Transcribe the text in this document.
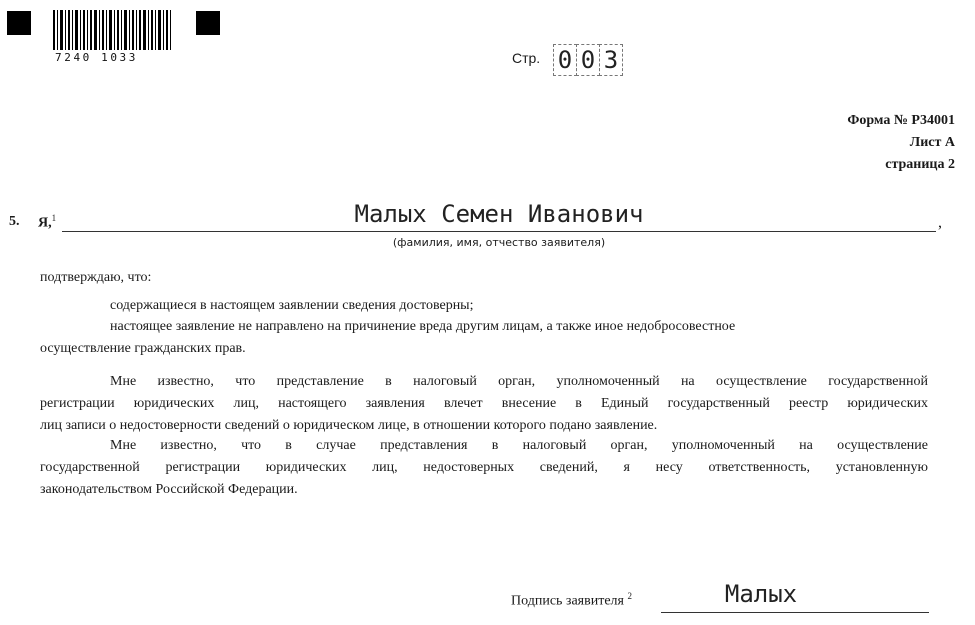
7240 1033	Стр. 0 0 3
Форма № Р34001
Лист А
страница 2
5. Я,$^1$	Малых Семен Иванович	,
(фамилия, имя, отчество заявителя)
подтверждаю, что:
содержащиеся в настоящем заявлении сведения достоверны;
настоящее заявление не направлено на причинение вреда другим лицам, а также иное недобросовестное
осуществление гражданских прав.
Мне известно, что представление в налоговый орган, уполномоченный на осуществление государственной
регистрации юридических лиц, настоящего заявления влечет внесение в Единый государственный реестр юридических
лиц записи о недостоверности сведений о юридическом лице, в отношении которого подано заявление.
Мне известно, что в случае представления в налоговый орган, уполномоченный на осуществление
государственной регистрации юридических лиц, недостоверных сведений, я несу ответственность, установленную
законодательством Российской Федерации.
Подпись заявителя $^2$	Малых
